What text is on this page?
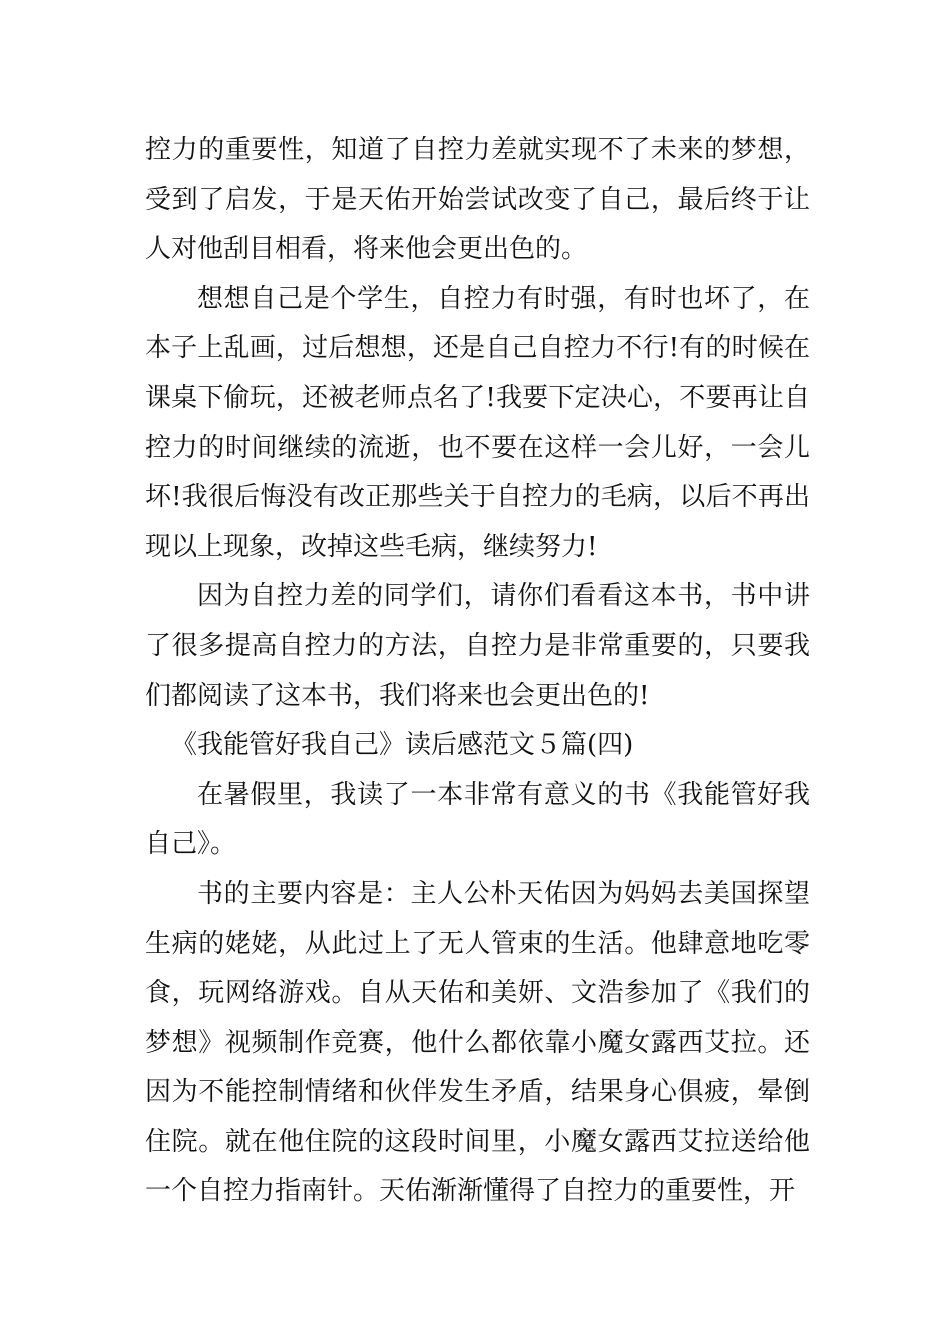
控力的重要性，知道了自控力差就实现不了未来的梦想，受到了启发，于是天佑开始尝试改变了自己，最后终于让人对他刮目相看，将来他会更出色的。

想想自己是个学生，自控力有时强，有时也坏了，在本子上乱画，过后想想，还是自己自控力不行!有的时候在课桌下偷玩，还被老师点名了!我要下定决心，不要再让自控力的时间继续的流逝，也不要在这样一会儿好，一会儿坏!我很后悔没有改正那些关于自控力的毛病，以后不再出现以上现象，改掉这些毛病，继续努力!

因为自控力差的同学们，请你们看看这本书，书中讲了很多提高自控力的方法，自控力是非常重要的，只要我们都阅读了这本书，我们将来也会更出色的!

《我能管好我自己》读后感范文５篇(四)

在暑假里，我读了一本非常有意义的书《我能管好我自己》。

书的主要内容是：主人公朴天佑因为妈妈去美国探望生病的姥姥，从此过上了无人管束的生活。他肆意地吃零食，玩网络游戏。自从天佑和美妍、文浩参加了《我们的梦想》视频制作竞赛，他什么都依靠小魔女露西艾拉。还因为不能控制情绪和伙伴发生矛盾，结果身心俱疲，晕倒住院。就在他住院的这段时间里，小魔女露西艾拉送给他一个自控力指南针。天佑渐渐懂得了自控力的重要性，开
